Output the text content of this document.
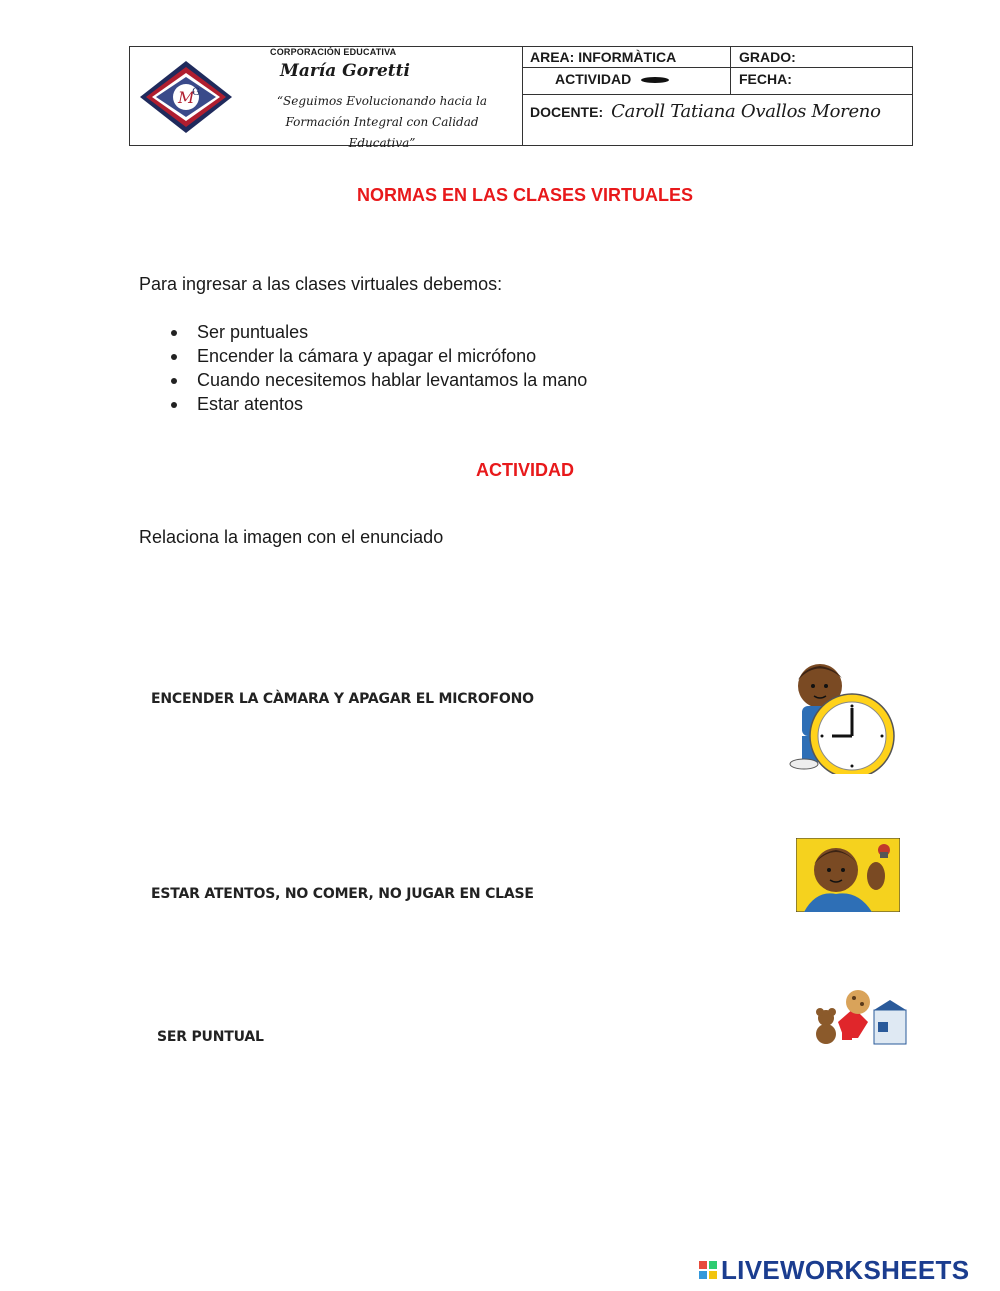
M
G
CORPORACIÓN EDUCATIVA
María Goretti
“Seguimos Evolucionando hacia la Formación Integral con Calidad Educativa”
AREA: INFORMÀTICA	GRADO:
ACTIVIDAD	FECHA:
DOCENTE: Caroll Tatiana Ovallos Moreno
NORMAS EN LAS CLASES VIRTUALES
Para ingresar a las clases virtuales debemos:
Ser puntuales
Encender la cámara y apagar el micrófono
Cuando necesitemos hablar levantamos la mano
Estar atentos
ACTIVIDAD
Relaciona la imagen con el enunciado
ENCENDER LA CÀMARA Y APAGAR EL MICROFONO
ESTAR ATENTOS, NO COMER, NO JUGAR EN CLASE
SER PUNTUAL
LIVEWORKSHEETS
